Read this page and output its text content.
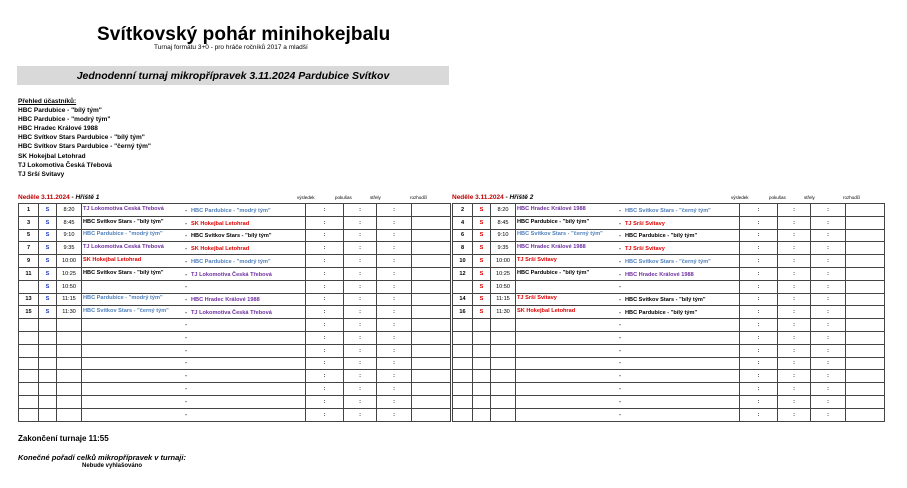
Svítkovský pohár minihokejbalu
Turnaj formátu 3+0 - pro hráče ročníků 2017 a mladší
Jednodenní turnaj mikropřípravek 3.11.2024 Pardubice Svítkov
Přehled účastníků:
HBC Pardubice - "bílý tým"
HBC Pardubice - "modrý tým"
HBC Hradec Králové 1988
HBC Svítkov Stars Pardubice - "bílý tým"
HBC Svítkov Stars Pardubice - "černý tým"
SK Hokejbal Letohrad
TJ Lokomotiva Česká Třebová
TJ Srší Svitavy
Neděle 3.11.2024 - Hřiště 1	výsledek	pokušas	střely	rozhodčí	Neděle 3.11.2024 - Hřiště 2	výsledek	pokušas	střely	rozhodčí
1	S	8:20	TJ Lokomotiva Česká Třebová -HBC Pardubice - "modrý tým"	:	:	:	
3	S	8:45	HBC Svítkov Stars - "bílý tým" -SK Hokejbal Letohrad	:	:	:	
5	S	9:10	HBC Pardubice - "modrý tým" -HBC Svítkov Stars - "bílý tým"	:	:	:	
7	S	9:35	TJ Lokomotiva Česká Třebová -SK Hokejbal Letohrad	:	:	:	
9	S	10:00	SK Hokejbal Letohrad -HBC Pardubice - "modrý tým"	:	:	:	
11	S	10:25	HBC Svítkov Stars - "bílý tým" -TJ Lokomotiva Česká Třebová	:	:	:	
	S	10:50	-	:	:	:	
13	S	11:15	HBC Pardubice - "modrý tým" -HBC Hradec Králové 1988	:	:	:	
15	S	11:30	HBC Svítkov Stars - "černý tým" -TJ Lokomotiva Česká Třebová	:	:	:	
			-	:	:	:	
			-	:	:	:	
			-	:	:	:	
			-	:	:	:	
			-	:	:	:	
			-	:	:	:	
			-	:	:	:	
			-	:	:	:	
2	S	8:20	HBC Hradec Králové 1988 -HBC Svítkov Stars - "černý tým"	:	:	:	
4	S	8:45	HBC Pardubice - "bílý tým" -TJ Srší Svitavy	:	:	:	
6	S	9:10	HBC Svítkov Stars - "černý tým" -HBC Pardubice - "bílý tým"	:	:	:	
8	S	9:35	HBC Hradec Králové 1988 -TJ Srší Svitavy	:	:	:	
10	S	10:00	TJ Srší Svitavy -HBC Svítkov Stars - "černý tým"	:	:	:	
12	S	10:25	HBC Pardubice - "bílý tým" -HBC Hradec Králové 1988	:	:	:	
	S	10:50	-	:	:	:	
14	S	11:15	TJ Srší Svitavy -HBC Svítkov Stars - "bílý tým"	:	:	:	
16	S	11:30	SK Hokejbal Letohrad -HBC Pardubice - "bílý tým"	:	:	:	
			-	:	:	:	
			-	:	:	:	
			-	:	:	:	
			-	:	:	:	
			-	:	:	:	
			-	:	:	:	
			-	:	:	:	
			-	:	:	:	
Zakončení turnaje 11:55
Konečné pořadí celků mikropřípravek v turnaji:
Nebude vyhlašováno
